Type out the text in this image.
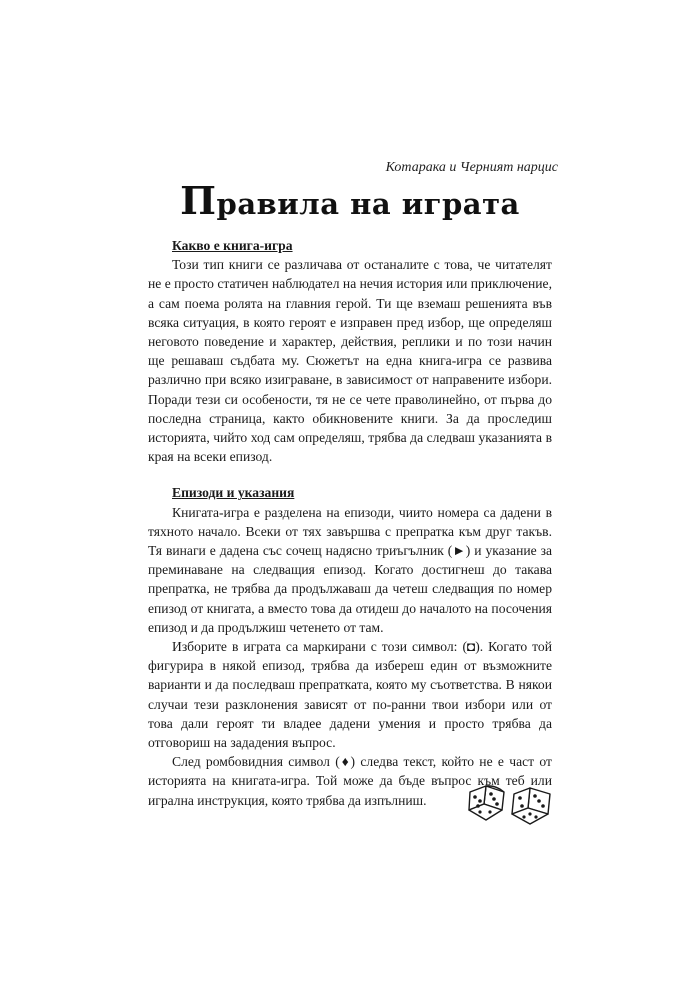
Котарака и Черният нарцис
Правила на играта

Какво е книга-игра

Този тип книги се различава от останалите с това, че читателят не е просто статичен наблюдател на нечия история или приключение, а сам поема ролята на главния герой. Ти ще вземаш решенията във всяка ситуация, в която героят е изправен пред избор, ще определяш неговото поведение и характер, действия, реплики и по този начин ще решаваш съдбата му. Сюжетът на една книга-игра се развива различно при всяко изиграване, в зависимост от направените избори. Поради тези си особености, тя не се чете праволинейно, от първа до последна страница, както обикновените книги. За да проследиш историята, чийто ход сам определяш, трябва да следваш указанията в края на всеки епизод.

Епизоди и указания

Книгата-игра е разделена на епизоди, чиито номера са дадени в тяхното начало. Всеки от тях завършва с препратка към друг такъв. Тя винаги е дадена със сочещ надясно триъгълник (►) и указание за преминаване на следващия епизод. Когато достигнеш до такава препратка, не трябва да продължаваш да четеш следващия по номер епизод от книгата, а вместо това да отидеш до началото на посочения епизод и да продължиш четенето от там.

Изборите в играта са маркирани с този символ: (◘). Когато той фигурира в някой епизод, трябва да избереш един от възможните варианти и да последваш препратката, която му съответства. В някои случаи тези разклонения зависят от по-ранни твои избори или от това дали героят ти владее дадени умения и просто трябва да отговориш на зададения въпрос.

След ромбовидния символ (♦) следва текст, който не е част от историята на книгата-игра. Той може да бъде въпрос към теб или игрална инструкция, която трябва да изпълниш.
